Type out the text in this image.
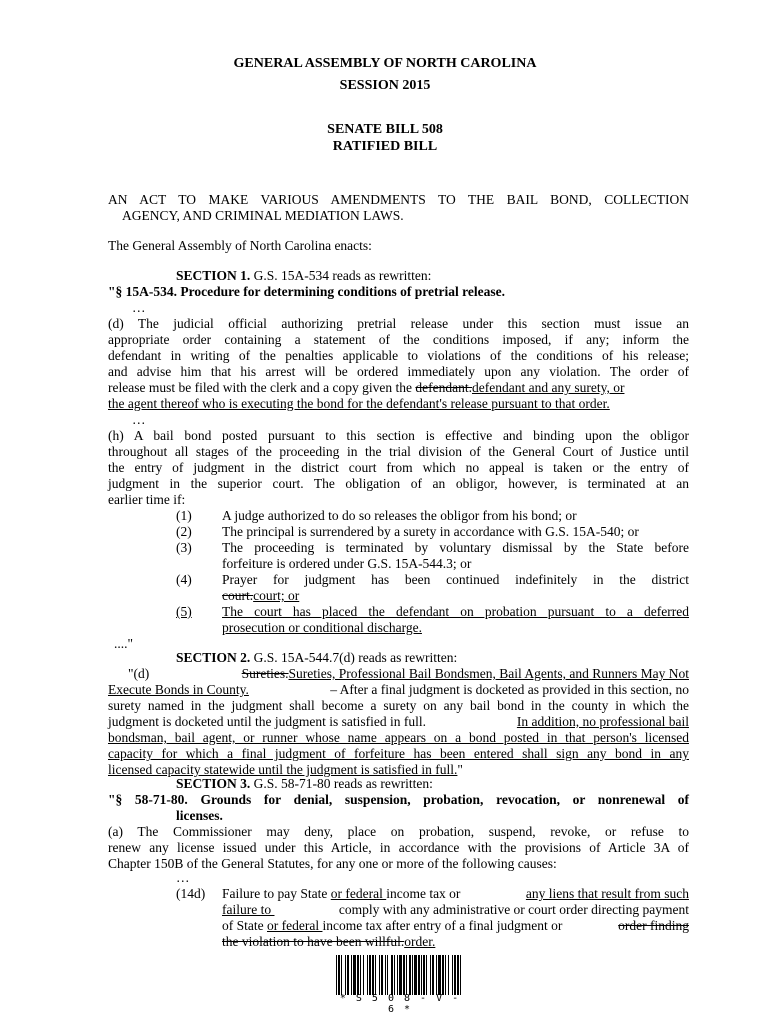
GENERAL ASSEMBLY OF NORTH CAROLINA
SESSION 2015
SENATE BILL 508
RATIFIED BILL
AN ACT TO MAKE VARIOUS AMENDMENTS TO THE BAIL BOND, COLLECTION
AGENCY, AND CRIMINAL MEDIATION LAWS.
The General Assembly of North Carolina enacts:
SECTION 1. G.S. 15A-534 reads as rewritten:
"§ 15A-534. Procedure for determining conditions of pretrial release.
…
(d) The judicial official authorizing pretrial release under this section must issue an
appropriate order containing a statement of the conditions imposed, if any; inform the
defendant in writing of the penalties applicable to violations of the conditions of his release;
and advise him that his arrest will be ordered immediately upon any violation. The order of
release must be filed with the clerk and a copy given the defendant.defendant and any surety, or
the agent thereof who is executing the bond for the defendant's release pursuant to that order.
…
(h) A bail bond posted pursuant to this section is effective and binding upon the obligor
throughout all stages of the proceeding in the trial division of the General Court of Justice until
the entry of judgment in the district court from which no appeal is taken or the entry of
judgment in the superior court. The obligation of an obligor, however, is terminated at an
earlier time if:
(1) A judge authorized to do so releases the obligor from his bond; or
(2) The principal is surrendered by a surety in accordance with G.S. 15A-540; or
(3) The proceeding is terminated by voluntary dismissal by the State before
forfeiture is ordered under G.S. 15A-544.3; or
(4) Prayer for judgment has been continued indefinitely in the district
court.court; or
(5) The court has placed the defendant on probation pursuant to a deferred
prosecution or conditional discharge.
...."
SECTION 2. G.S. 15A-544.7(d) reads as rewritten:
"(d)	Sureties.Sureties, Professional Bail Bondsmen, Bail Agents, and Runners May Not
Execute Bonds in County.	– After a final judgment is docketed as provided in this section, no
surety named in the judgment shall become a surety on any bail bond in the county in which the
judgment is docketed until the judgment is satisfied in full.	In addition, no professional bail
bondsman, bail agent, or runner whose name appears on a bond posted in that person's licensed
capacity for which a final judgment of forfeiture has been entered shall sign any bond in any
licensed capacity statewide until the judgment is satisfied in full."
SECTION 3. G.S. 58-71-80 reads as rewritten:
"§ 58-71-80. Grounds for denial, suspension, probation, revocation, or nonrenewal of
licenses.
(a) The Commissioner may deny, place on probation, suspend, revoke, or refuse to
renew any license issued under this Article, in accordance with the provisions of Article 3A of
Chapter 150B of the General Statutes, for any one or more of the following causes:
…
(14d) Failure to pay State or federal income tax or	any liens that result from such
failure to	comply with any administrative or court order directing payment
of State or federal income tax after entry of a final judgment or	order finding
the violation to have been willful.order.
* S 5 0 8 - V - 6 *
